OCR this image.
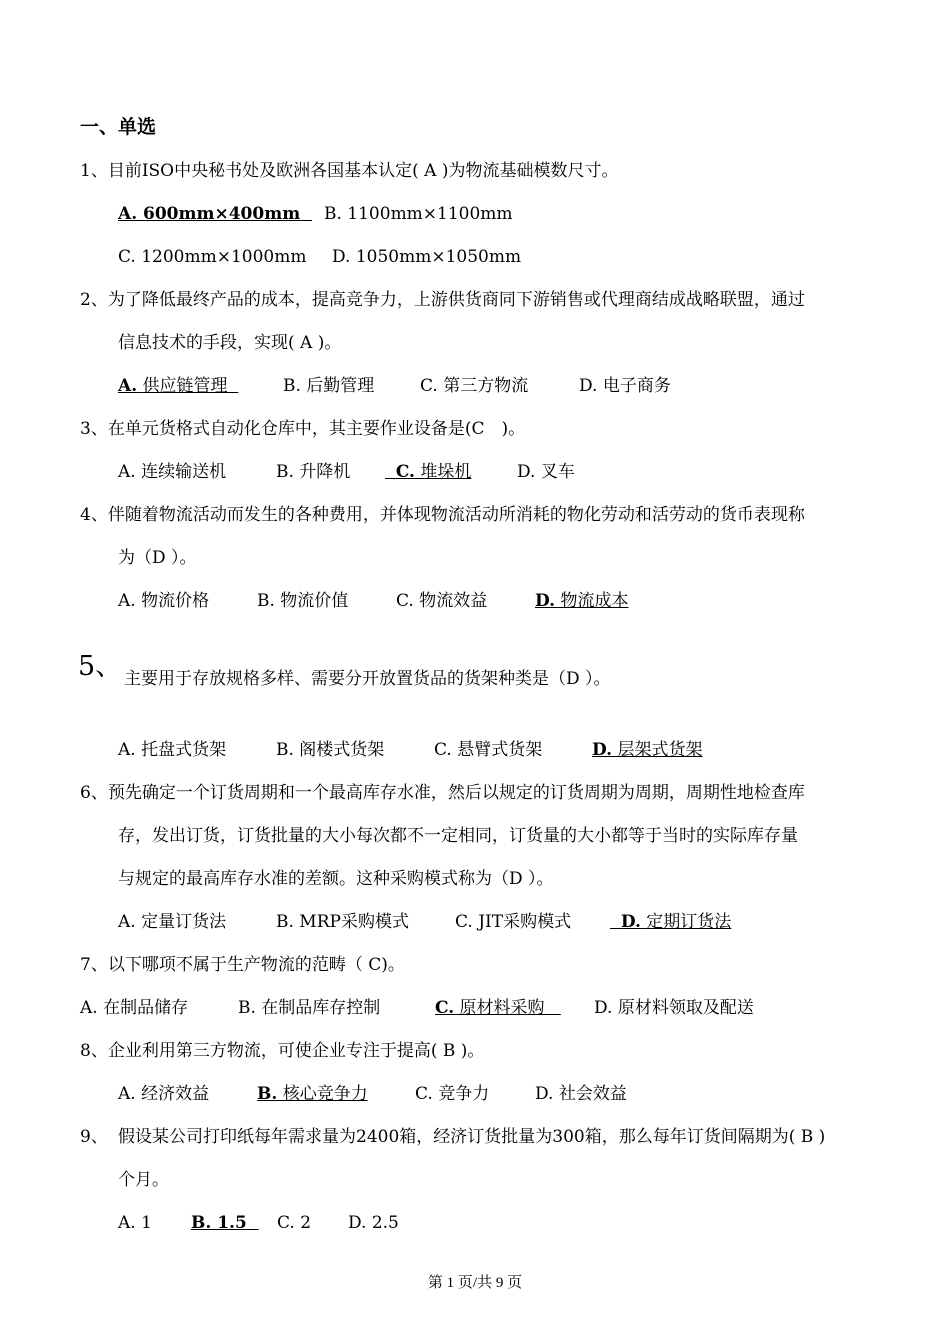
一、单选
1、目前ISO中央秘书处及欧洲各国基本认定( A )为物流基础模数尺寸。
A. 600mm×400mm	B. 1100mm×1100mm
C. 1200mm×1000mm D. 1050mm×1050mm
2、为了降低最终产品的成本，提高竞争力，上游供货商同下游销售或代理商结成战略联盟，通过
信息技术的手段，实现( A )。
A. 供应链管理	B. 后勤管理	C. 第三方物流	D. 电子商务
3、在单元货格式自动化仓库中，其主要作业设备是(C　)。
A. 连续输送机	B. 升降机	C. 堆垛机	D. 叉车
4、伴随着物流活动而发生的各种费用，并体现物流活动所消耗的物化劳动和活劳动的货币表现称
为（D ）。
A. 物流价格	B. 物流价值	C. 物流效益	D. 物流成本
5、 主要用于存放规格多样、需要分开放置货品的货架种类是（D ）。
A. 托盘式货架	B. 阁楼式货架	C. 悬臂式货架	D. 层架式货架
6、预先确定一个订货周期和一个最高库存水准，然后以规定的订货周期为周期，周期性地检查库
存，发出订货，订货批量的大小每次都不一定相同，订货量的大小都等于当时的实际库存量
与规定的最高库存水准的差额。这种采购模式称为（D ）。
A. 定量订货法	B. MRP采购模式	C. JIT采购模式	D. 定期订货法
7、以下哪项不属于生产物流的范畴（ C)。
A. 在制品储存	B. 在制品库存控制	C. 原材料采购	D. 原材料领取及配送
8、企业利用第三方物流，可使企业专注于提高( B )。
A. 经济效益	B. 核心竞争力	C. 竞争力	D. 社会效益
9、 假设某公司打印纸每年需求量为2400箱，经济订货批量为300箱，那么每年订货间隔期为( B )
个月。
A. 1 B. 1.5	C. 2 D. 2.5
第 1 页/共 9 页
